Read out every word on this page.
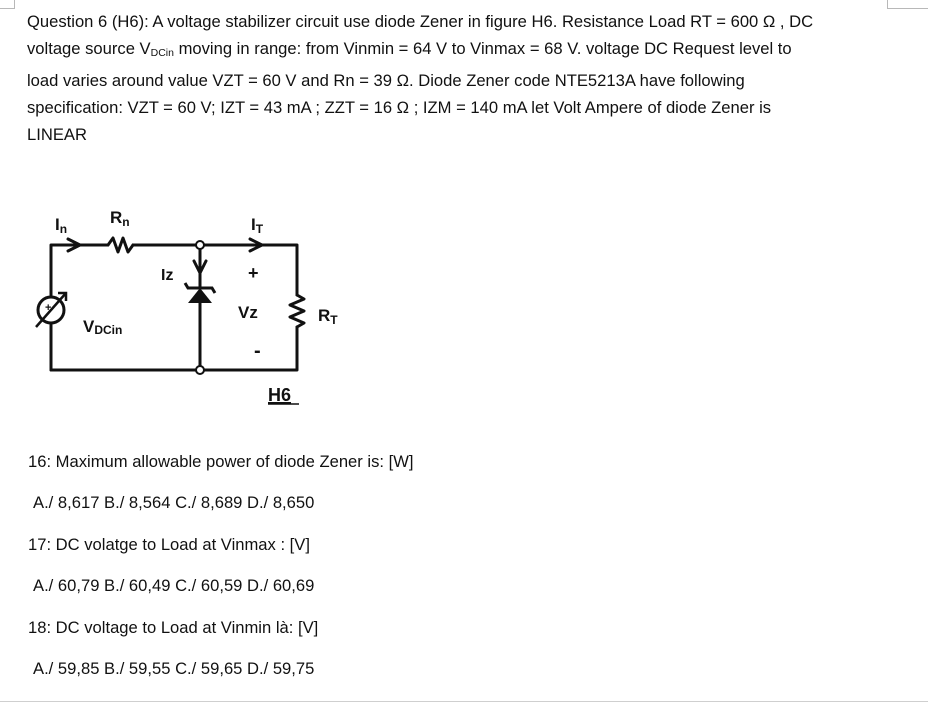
Question 6 (H6): A voltage stabilizer circuit use diode Zener in figure H6. Resistance Load RT = 600 Ω , DC
voltage source $V_{DCin}$ moving in range: from Vinmin = 64 V to Vinmax = 68 V. voltage DC Request level to
load varies around value VZT = 60 V and Rn = 39 Ω. Diode Zener code NTE5213A have following
specification: VZT = 60 V; IZT = 43 mA ; ZZT = 16 Ω ; IZM = 140 mA let Volt Ampere of diode Zener is
LINEAR

+
In
Rn	IT
Iz	+
Vz
-
RT
VDCin
H6

16: Maximum allowable power of diode Zener is: [W]

A./ 8,617 B./ 8,564 C./ 8,689 D./ 8,650

17: DC volatge to Load at Vinmax : [V]

A./ 60,79 B./ 60,49 C./ 60,59 D./ 60,69

18: DC voltage to Load at Vinmin là: [V]

A./ 59,85 B./ 59,55 C./ 59,65 D./ 59,75
